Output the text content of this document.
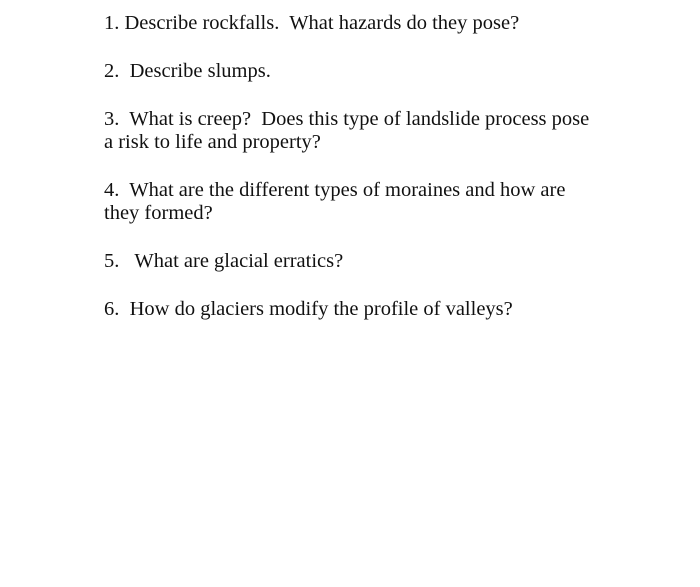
1. Describe rockfalls.  What hazards do they pose?

2.  Describe slumps.

3.  What is creep?  Does this type of landslide process pose
a risk to life and property?

4.  What are the different types of moraines and how are
they formed?

5.   What are glacial erratics?

6.  How do glaciers modify the profile of valleys?
